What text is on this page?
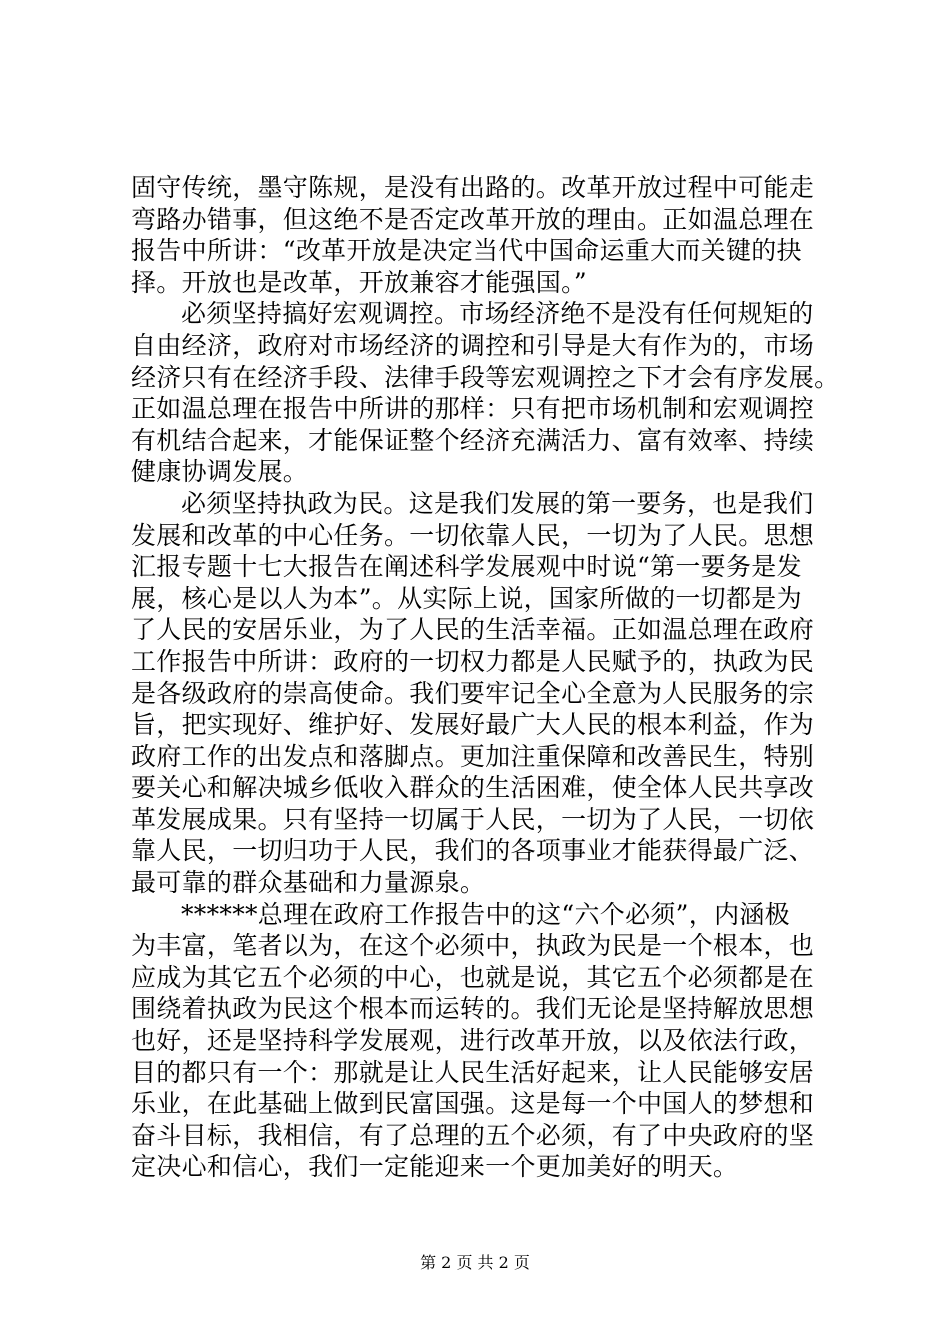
固守传统，墨守陈规，是没有出路的。改革开放过程中可能走
弯路办错事，但这绝不是否定改革开放的理由。正如温总理在
报告中所讲：“改革开放是决定当代中国命运重大而关键的抉
择。开放也是改革，开放兼容才能强国。”
必须坚持搞好宏观调控。市场经济绝不是没有任何规矩的
自由经济，政府对市场经济的调控和引导是大有作为的，市场
经济只有在经济手段、法律手段等宏观调控之下才会有序发展。
正如温总理在报告中所讲的那样：只有把市场机制和宏观调控
有机结合起来，才能保证整个经济充满活力、富有效率、持续
健康协调发展。
必须坚持执政为民。这是我们发展的第一要务，也是我们
发展和改革的中心任务。一切依靠人民，一切为了人民。思想
汇报专题十七大报告在阐述科学发展观中时说“第一要务是发
展，核心是以人为本”。从实际上说，国家所做的一切都是为
了人民的安居乐业，为了人民的生活幸福。正如温总理在政府
工作报告中所讲：政府的一切权力都是人民赋予的，执政为民
是各级政府的崇高使命。我们要牢记全心全意为人民服务的宗
旨，把实现好、维护好、发展好最广大人民的根本利益，作为
政府工作的出发点和落脚点。更加注重保障和改善民生，特别
要关心和解决城乡低收入群众的生活困难，使全体人民共享改
革发展成果。只有坚持一切属于人民，一切为了人民，一切依
靠人民，一切归功于人民，我们的各项事业才能获得最广泛、
最可靠的群众基础和力量源泉。
******总理在政府工作报告中的这“六个必须”，内涵极
为丰富，笔者以为，在这个必须中，执政为民是一个根本，也
应成为其它五个必须的中心，也就是说，其它五个必须都是在
围绕着执政为民这个根本而运转的。我们无论是坚持解放思想
也好，还是坚持科学发展观，进行改革开放，以及依法行政，
目的都只有一个：那就是让人民生活好起来，让人民能够安居
乐业，在此基础上做到民富国强。这是每一个中国人的梦想和
奋斗目标，我相信，有了总理的五个必须，有了中央政府的坚
定决心和信心，我们一定能迎来一个更加美好的明天。
第 2 页 共 2 页
